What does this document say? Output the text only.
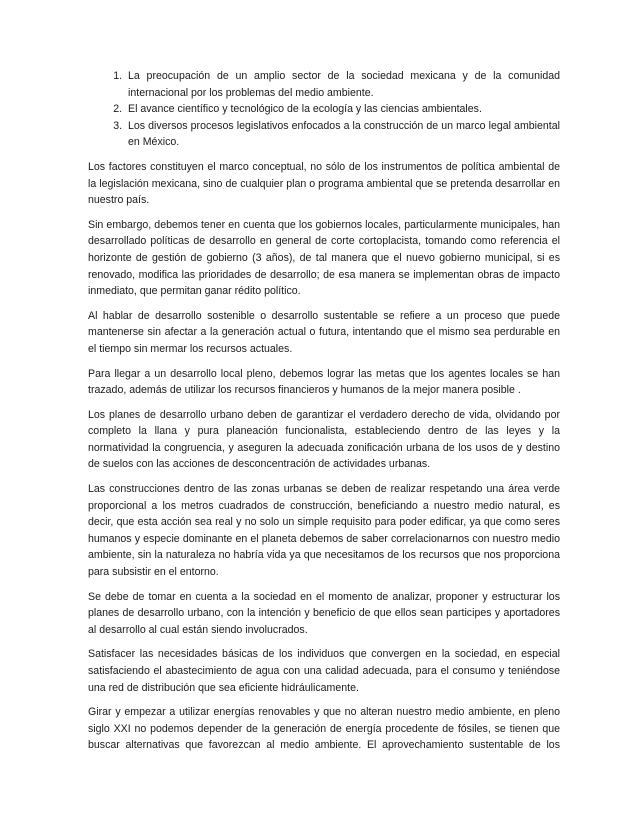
1. La preocupación de un amplio sector de la sociedad mexicana y de la comunidad internacional por los problemas del medio ambiente.
2. El avance científico y tecnológico de la ecología y las ciencias ambientales.
3. Los diversos procesos legislativos enfocados a la construcción de un marco legal ambiental en México.

Los factores constituyen el marco conceptual, no sólo de los instrumentos de política ambiental de la legislación mexicana, sino de cualquier plan o programa ambiental que se pretenda desarrollar en nuestro país.

Sin embargo, debemos tener en cuenta que los gobiernos locales, particularmente municipales, han desarrollado políticas de desarrollo en general de corte cortoplacista, tomando como referencia el horizonte de gestión de gobierno (3 años), de tal manera que el nuevo gobierno municipal, si es renovado, modifica las prioridades de desarrollo; de esa manera se implementan obras de impacto inmediato, que permitan ganar rédito político.

Al hablar de desarrollo sostenible o desarrollo sustentable se refiere a un proceso que puede mantenerse sin afectar a la generación actual o futura, intentando que el mismo sea perdurable en el tiempo sin mermar los recursos actuales.

Para llegar a un desarrollo local pleno, debemos lograr las metas que los agentes locales se han trazado, además de utilizar los recursos financieros y humanos de la mejor manera posible .

Los planes de desarrollo urbano deben de garantizar el verdadero derecho de vida, olvidando por completo la llana y pura planeación funcionalista, estableciendo dentro de las leyes y la normatividad la congruencia, y aseguren la adecuada zonificación urbana de los usos de y destino de suelos con las acciones de desconcentración de actividades urbanas.

Las construcciones dentro de las zonas urbanas se deben de realizar respetando una área verde proporcional a los metros cuadrados de construcción, beneficiando a nuestro medio natural, es decir, que esta acción sea real y no solo un simple requisito para poder edificar, ya que como seres humanos y especie dominante en el planeta debemos de saber correlacionarnos con nuestro medio ambiente, sin la naturaleza no habría vida ya que necesitamos de los recursos que nos proporciona para subsistir en el entorno.

Se debe de tomar en cuenta a la sociedad en el momento de analizar, proponer y estructurar los planes de desarrollo urbano, con la intención y beneficio de que ellos sean participes y aportadores al desarrollo al cual están siendo involucrados.

Satisfacer las necesidades básicas de los individuos que convergen en la sociedad, en especial satisfaciendo el abastecimiento de agua con una calidad adecuada, para el consumo y teniéndose una red de distribución que sea eficiente hidráulicamente.

Girar y empezar a utilizar energías renovables y que no alteran nuestro medio ambiente, en pleno siglo XXI no podemos depender de la generación de energía procedente de fósiles, se tienen que buscar alternativas que favorezcan al medio ambiente. El aprovechamiento sustentable de los
